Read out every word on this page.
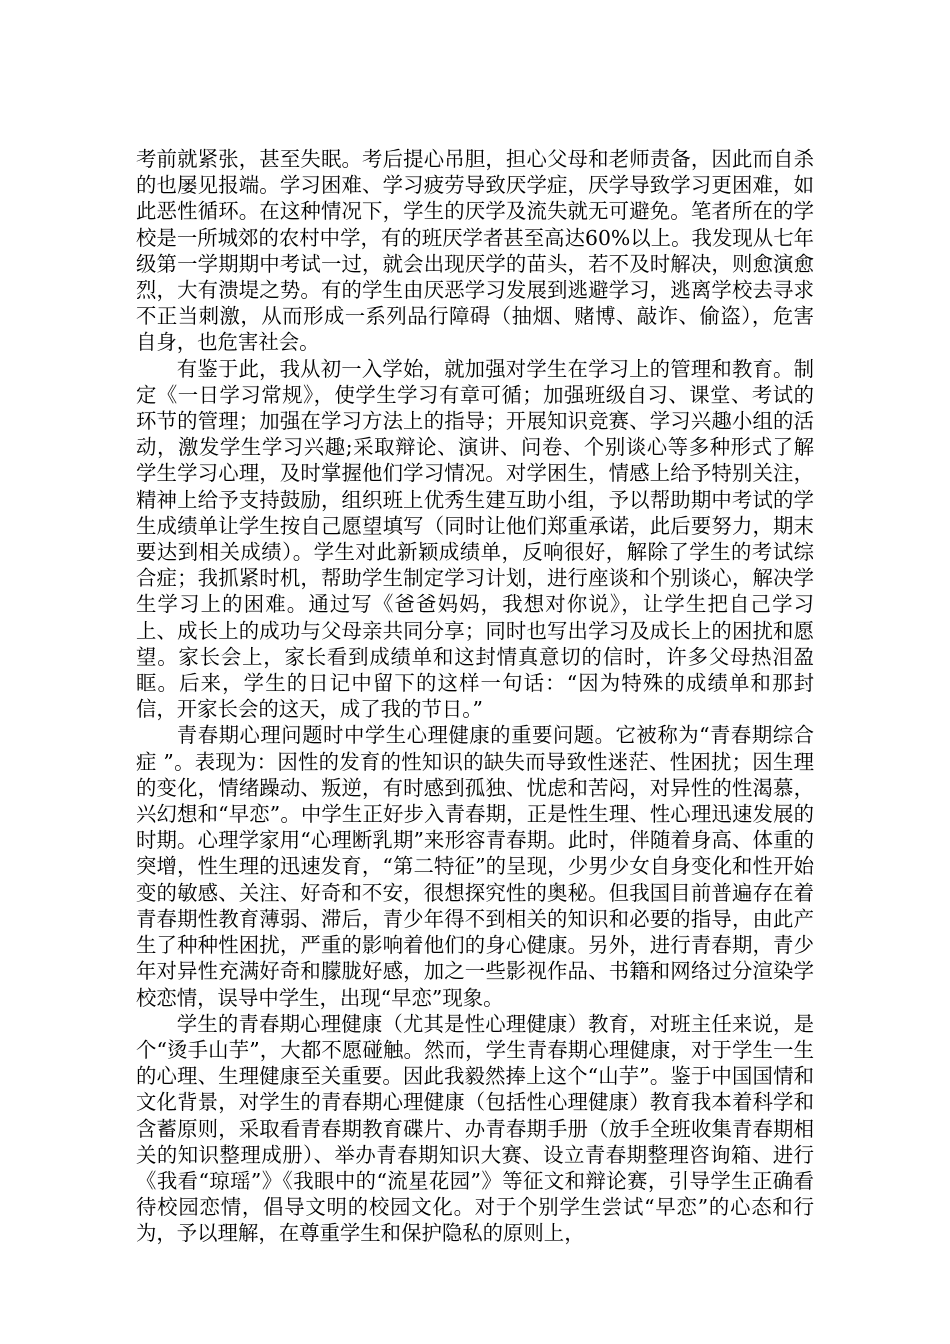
考前就紧张，甚至失眠。考后提心吊胆，担心父母和老师责备，因此而自杀的也屡见报端。学习困难、学习疲劳导致厌学症，厌学导致学习更困难，如此恶性循环。在这种情况下，学生的厌学及流失就无可避免。笔者所在的学校是一所城郊的农村中学，有的班厌学者甚至高达60%以上。我发现从七年级第一学期期中考试一过，就会出现厌学的苗头，若不及时解决，则愈演愈烈，大有溃堤之势。有的学生由厌恶学习发展到逃避学习，逃离学校去寻求不正当刺激，从而形成一系列品行障碍（抽烟、赌博、敲诈、偷盗），危害自身，也危害社会。

有鉴于此，我从初一入学始，就加强对学生在学习上的管理和教育。制定《一日学习常规》，使学生学习有章可循；加强班级自习、课堂、考试的环节的管理；加强在学习方法上的指导；开展知识竞赛、学习兴趣小组的活动，激发学生学习兴趣;采取辩论、演讲、问卷、个别谈心等多种形式了解学生学习心理，及时掌握他们学习情况。对学困生，情感上给予特别关注，精神上给予支持鼓励，组织班上优秀生建互助小组，予以帮助期中考试的学生成绩单让学生按自己愿望填写（同时让他们郑重承诺，此后要努力，期末要达到相关成绩）。学生对此新颖成绩单，反响很好，解除了学生的考试综合症；我抓紧时机，帮助学生制定学习计划，进行座谈和个别谈心，解决学生学习上的困难。通过写《爸爸妈妈，我想对你说》，让学生把自己学习上、成长上的成功与父母亲共同分享；同时也写出学习及成长上的困扰和愿望。家长会上，家长看到成绩单和这封情真意切的信时，许多父母热泪盈眶。后来，学生的日记中留下的这样一句话：“因为特殊的成绩单和那封信，开家长会的这天，成了我的节日。”

青春期心理问题时中学生心理健康的重要问题。它被称为“青春期综合症 ”。表现为：因性的发育的性知识的缺失而导致性迷茫、性困扰；因生理的变化，情绪躁动、叛逆，有时感到孤独、忧虑和苦闷，对异性的性渴慕，兴幻想和“早恋”。中学生正好步入青春期，正是性生理、性心理迅速发展的时期。心理学家用“心理断乳期”来形容青春期。此时，伴随着身高、体重的突增，性生理的迅速发育，“第二特征”的呈现，少男少女自身变化和性开始变的敏感、关注、好奇和不安，很想探究性的奥秘。但我国目前普遍存在着青春期性教育薄弱、滞后，青少年得不到相关的知识和必要的指导，由此产生了种种性困扰，严重的影响着他们的身心健康。另外，进行青春期，青少年对异性充满好奇和朦胧好感，加之一些影视作品、书籍和网络过分渲染学校恋情，误导中学生，出现“早恋”现象。

学生的青春期心理健康（尤其是性心理健康）教育，对班主任来说，是个“烫手山芋”，大都不愿碰触。然而，学生青春期心理健康，对于学生一生的心理、生理健康至关重要。因此我毅然捧上这个“山芋”。鉴于中国国情和文化背景，对学生的青春期心理健康（包括性心理健康）教育我本着科学和含蓄原则，采取看青春期教育碟片、办青春期手册（放手全班收集青春期相关的知识整理成册）、举办青春期知识大赛、设立青春期整理咨询箱、进行《我看“琼瑶”》《我眼中的“流星花园”》等征文和辩论赛，引导学生正确看待校园恋情，倡导文明的校园文化。对于个别学生尝试“早恋”的心态和行为，予以理解，在尊重学生和保护隐私的原则上，
